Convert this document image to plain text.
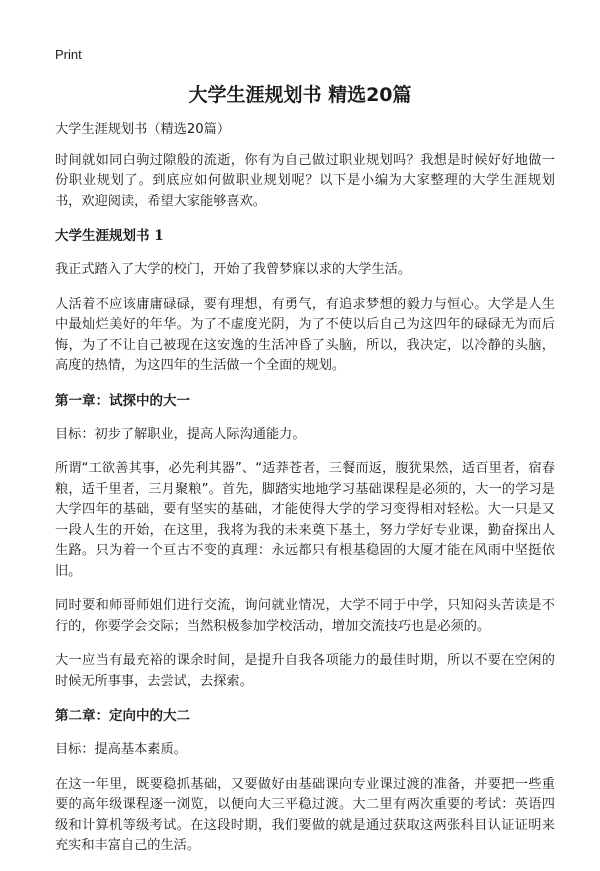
Print
大学生涯规划书 精选20篇

大学生涯规划书（精选20篇）

时间就如同白驹过隙般的流逝，你有为自己做过职业规划吗？我想是时候好好地做一份职业规划了。到底应如何做职业规划呢？以下是小编为大家整理的大学生涯规划书，欢迎阅读，希望大家能够喜欢。

大学生涯规划书 1

我正式踏入了大学的校门，开始了我曾梦寐以求的大学生活。

人活着不应该庸庸碌碌，要有理想，有勇气，有追求梦想的毅力与恒心。大学是人生中最灿烂美好的年华。为了不虚度光阴，为了不使以后自己为这四年的碌碌无为而后悔，为了不让自己被现在这安逸的生活冲昏了头脑，所以，我决定，以冷静的头脑，高度的热情，为这四年的生活做一个全面的规划。

第一章：试探中的大一

目标：初步了解职业，提高人际沟通能力。

所谓“工欲善其事，必先利其器”、“适莽苍者，三餐而返，腹犹果然，适百里者，宿春粮，适千里者，三月聚粮”。首先，脚踏实地地学习基础课程是必须的，大一的学习是大学四年的基础，要有坚实的基础，才能使得大学的学习变得相对轻松。大一只是又一段人生的开始，在这里，我将为我的未来奠下基土，努力学好专业课，勤奋探出人生路。只为着一个亘古不变的真理：永远都只有根基稳固的大厦才能在风雨中坚挺依旧。

同时要和师哥师姐们进行交流，询问就业情况，大学不同于中学，只知闷头苦读是不行的，你要学会交际；当然积极参加学校活动，增加交流技巧也是必须的。

大一应当有最充裕的课余时间，是提升自我各项能力的最佳时期，所以不要在空闲的时候无所事事，去尝试，去探索。

第二章：定向中的大二

目标：提高基本素质。

在这一年里，既要稳抓基础，又要做好由基础课向专业课过渡的准备，并要把一些重要的高年级课程逐一浏览，以便向大三平稳过渡。大二里有两次重要的考试：英语四级和计算机等级考试。在这段时期，我们要做的就是通过获取这两张科目认证证明来充实和丰富自己的生活。
